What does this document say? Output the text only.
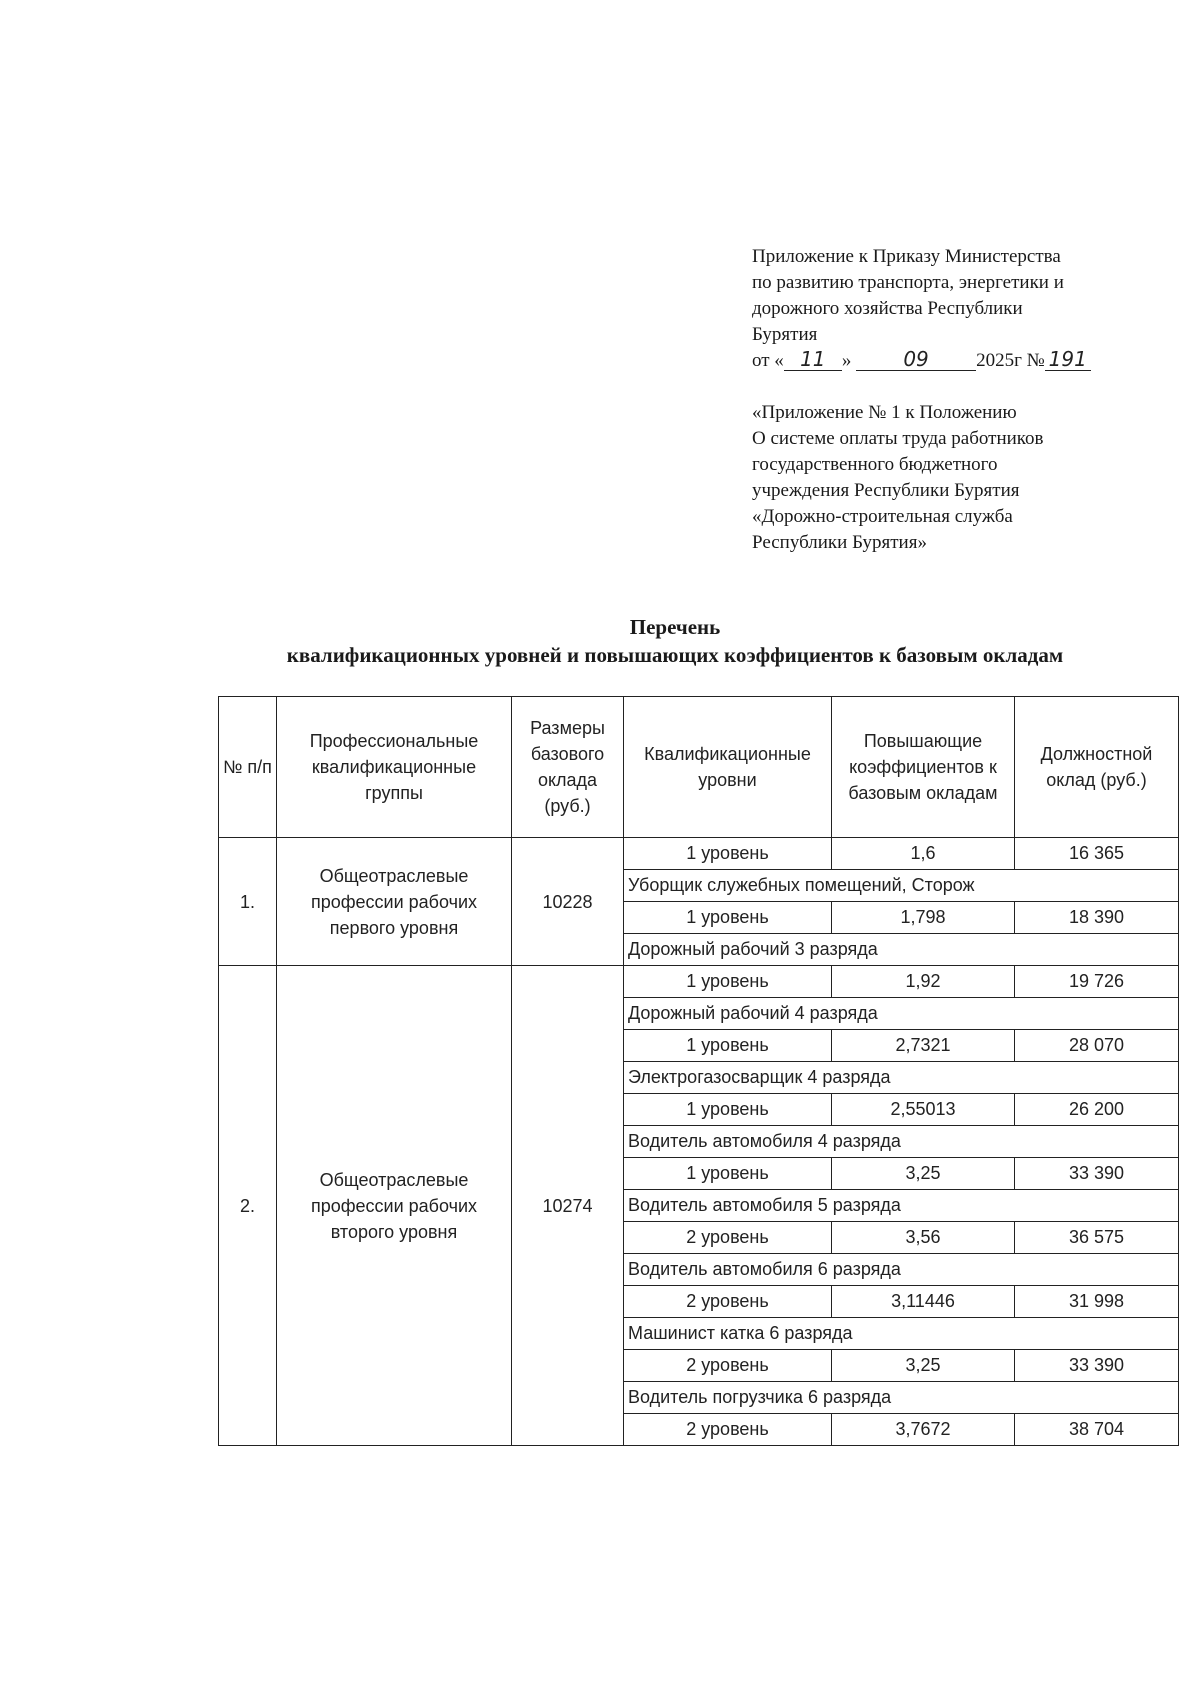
Приложение к Приказу Министерства
по развитию транспорта, энергетики и
дорожного хозяйства Республики
Бурятия
от « 11 »	09 2025г № 191
«Приложение № 1 к Положению
О системе оплаты труда работников
государственного бюджетного
учреждения Республики Бурятия
«Дорожно-строительная служба
Республики Бурятия»
Перечень
квалификационных уровней и повышающих коэффициентов к базовым окладам
№ п/п	Профессиональные квалификационные группы	Размеры базового оклада (руб.)	Квалификационные уровни	Повышающие коэффициентов к базовым окладам	Должностной оклад (руб.)
1.	Общеотраслевые профессии рабочих первого уровня	10228	1 уровень	1,6	16 365
			Уборщик служебных помещений, Сторож		
			1 уровень	1,798	18 390
			Дорожный рабочий 3 разряда		
2.	Общеотраслевые профессии рабочих второго уровня	10274	1 уровень	1,92	19 726
			Дорожный рабочий 4 разряда		
			1 уровень	2,7321	28 070
			Электрогазосварщик 4 разряда		
			1 уровень	2,55013	26 200
			Водитель автомобиля 4 разряда		
			1 уровень	3,25	33 390
			Водитель автомобиля 5 разряда		
			2 уровень	3,56	36 575
			Водитель автомобиля 6 разряда		
			2 уровень	3,11446	31 998
			Машинист катка 6 разряда		
			2 уровень	3,25	33 390
			Водитель погрузчика 6 разряда		
			2 уровень	3,7672	38 704
